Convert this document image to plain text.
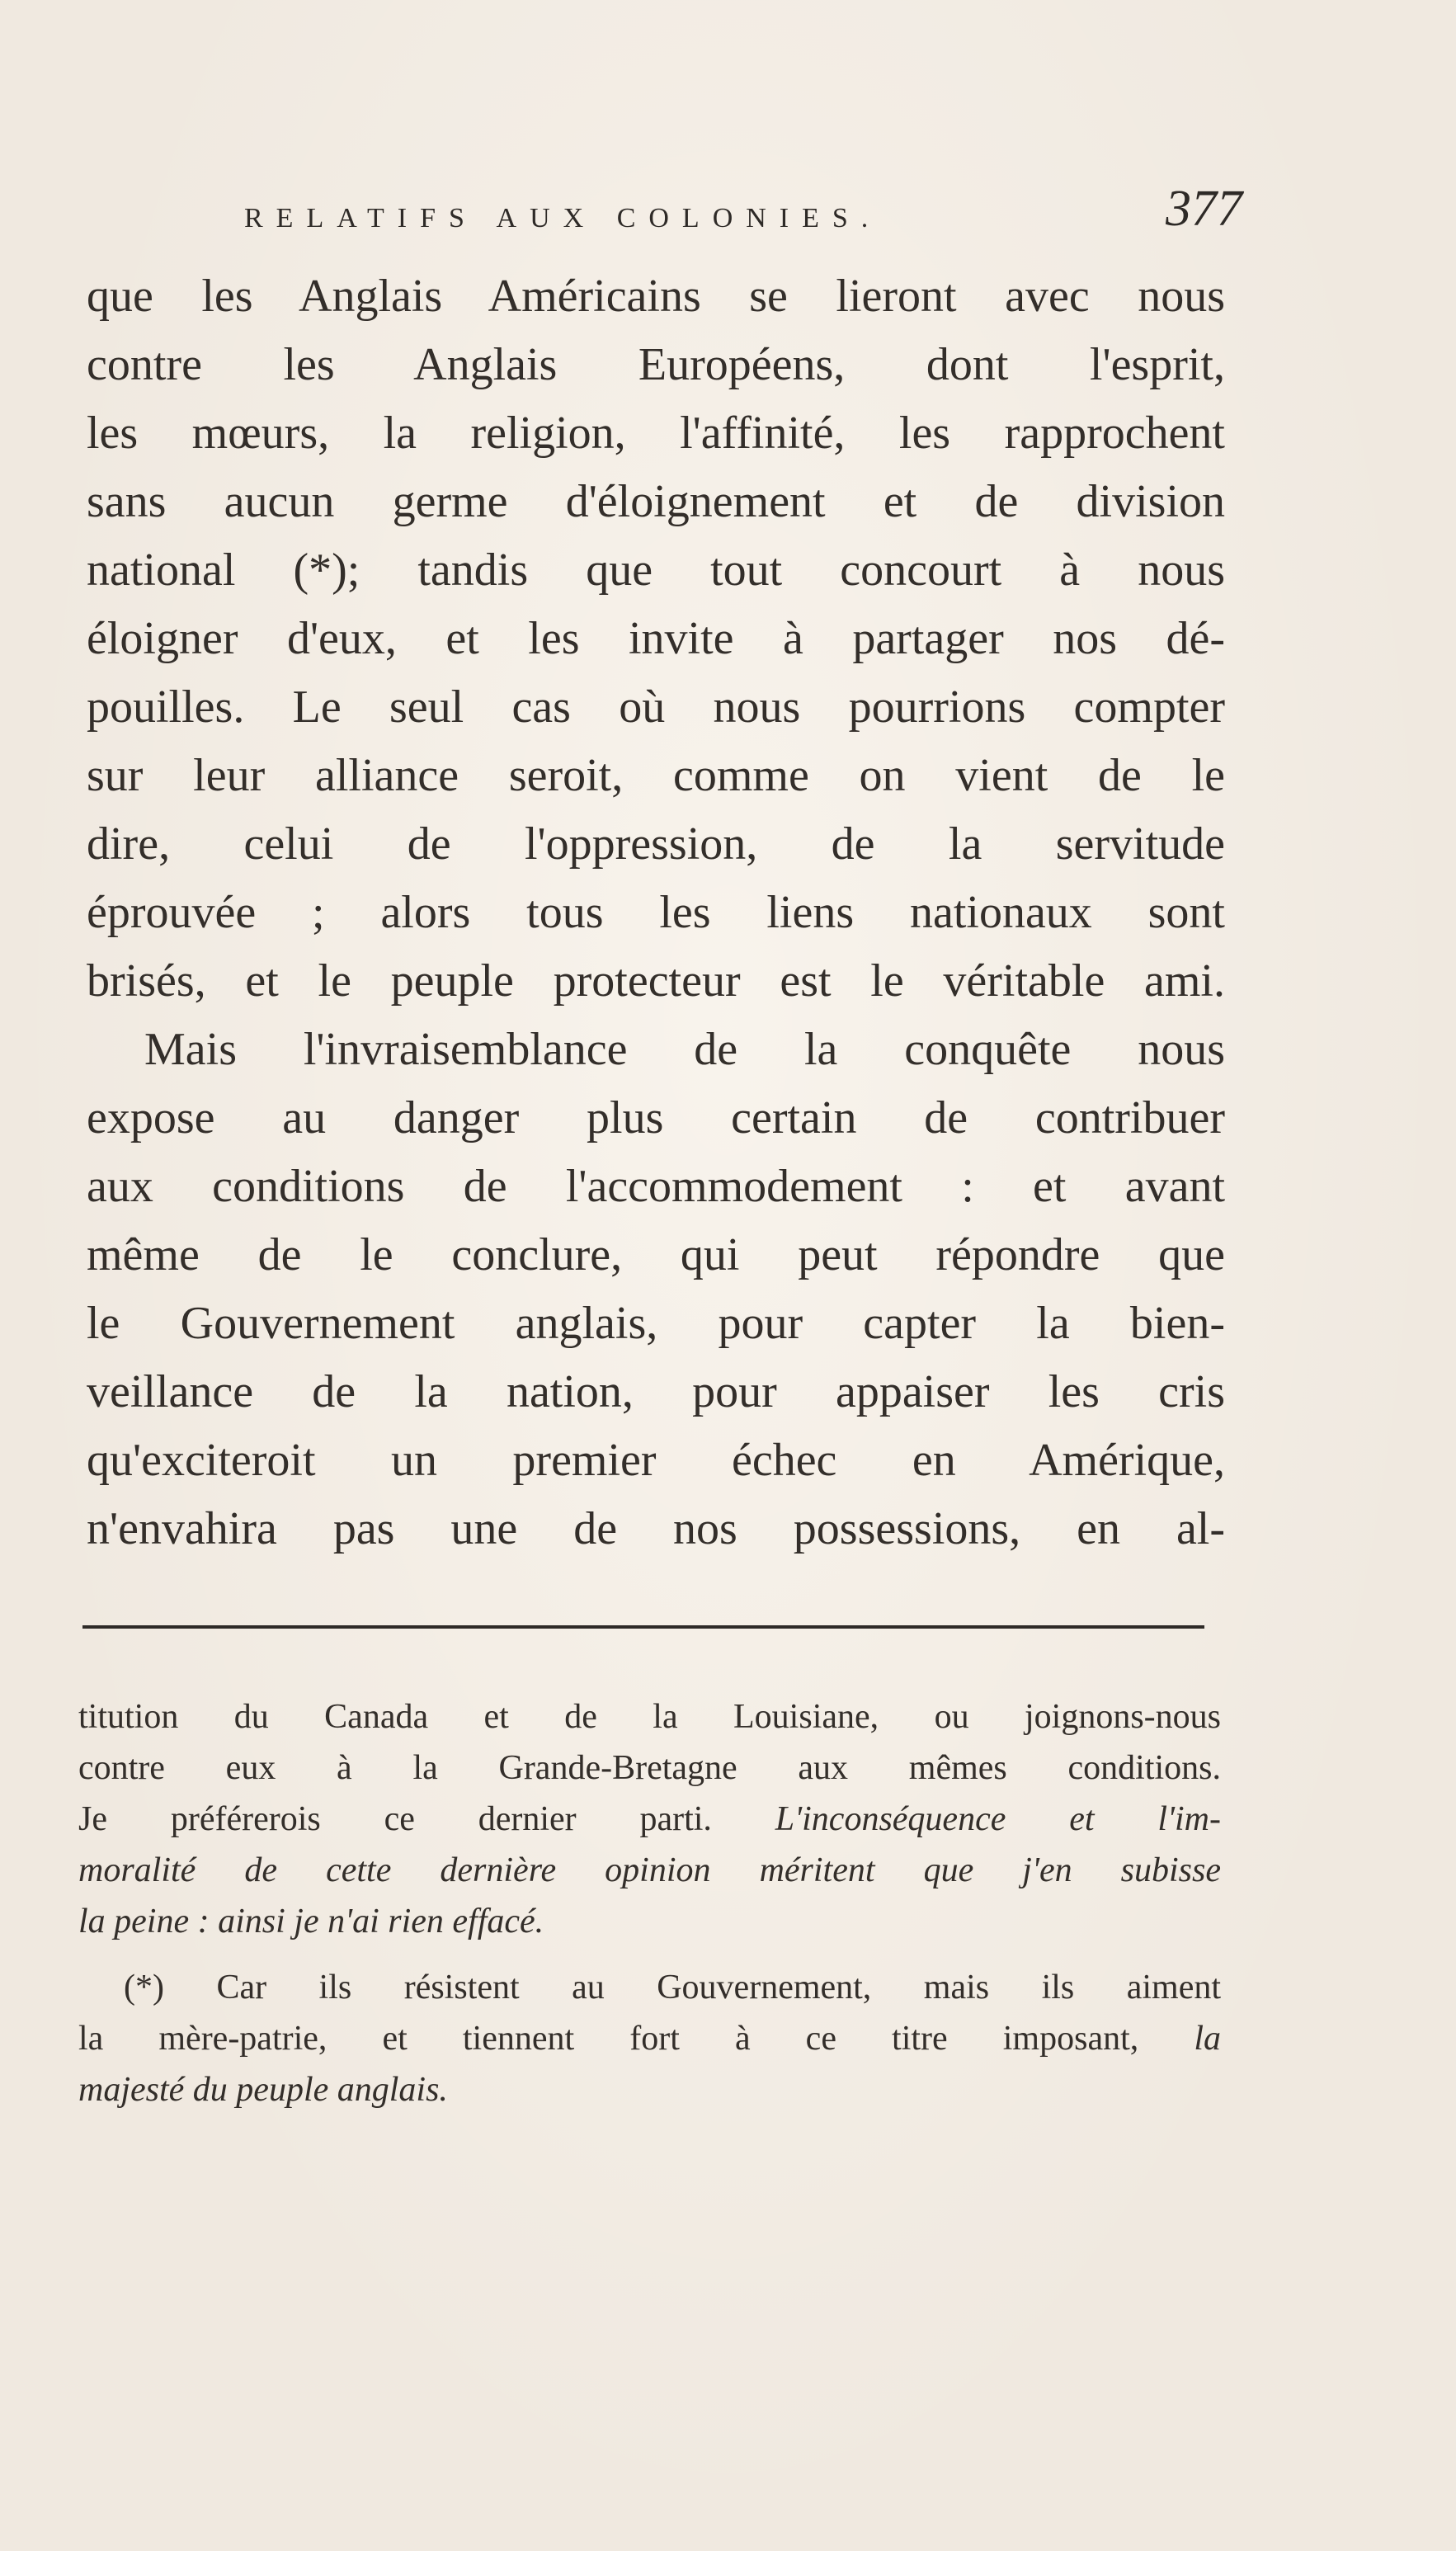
RELATIFS AUX COLONIES.	377
que les Anglais Américains se lieront avec nous
contre les Anglais Européens, dont l'esprit,
les mœurs, la religion, l'affinité, les rapprochent
sans aucun germe d'éloignement et de division
national (*); tandis que tout concourt à nous
éloigner d'eux, et les invite à partager nos dé-
pouilles. Le seul cas où nous pourrions compter
sur leur alliance seroit, comme on vient de le
dire, celui de l'oppression, de la servitude
éprouvée ; alors tous les liens nationaux sont
brisés, et le peuple protecteur est le véritable ami.
Mais l'invraisemblance de la conquête nous
expose au danger plus certain de contribuer
aux conditions de l'accommodement : et avant
même de le conclure, qui peut répondre que
le Gouvernement anglais, pour capter la bien-
veillance de la nation, pour appaiser les cris
qu'exciteroit un premier échec en Amérique,
n'envahira pas une de nos possessions, en al-
titution du Canada et de la Louisiane, ou joignons-nous
contre eux à la Grande-Bretagne aux mêmes conditions.
Je préférerois ce dernier parti. L'inconséquence et l'im-
moralité de cette dernière opinion méritent que j'en subisse
la peine : ainsi je n'ai rien effacé.
(*) Car ils résistent au Gouvernement, mais ils aiment
la mère-patrie, et tiennent fort à ce titre imposant, la
majesté du peuple anglais.
